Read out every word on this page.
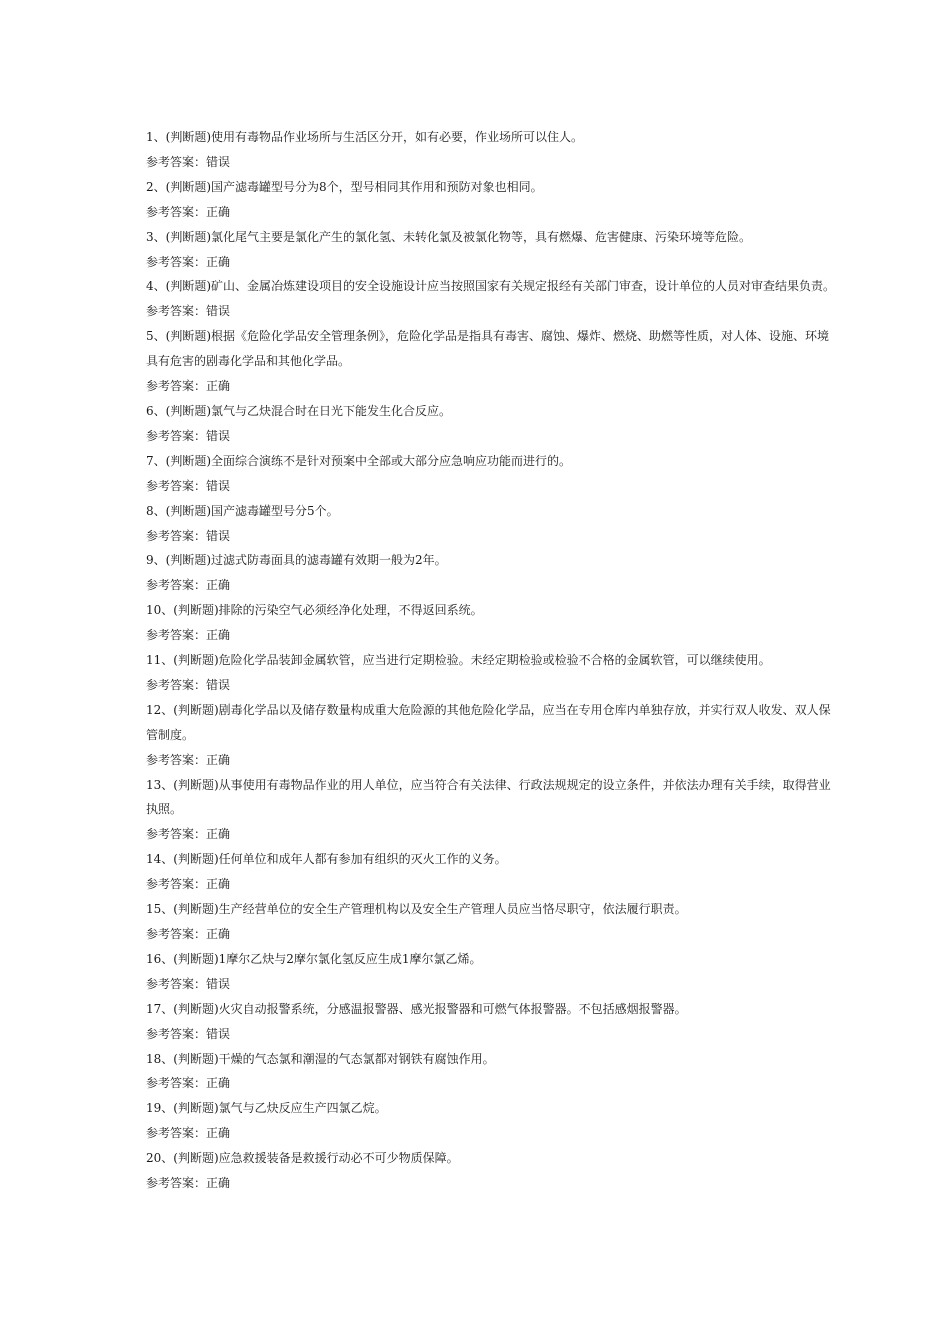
1、(判断题)使用有毒物品作业场所与生活区分开，如有必要，作业场所可以住人。

参考答案：错误

2、(判断题)国产滤毒罐型号分为8个，型号相同其作用和预防对象也相同。

参考答案：正确

3、(判断题)氯化尾气主要是氯化产生的氯化氢、未转化氯及被氯化物等，具有燃爆、危害健康、污染环境等危险。

参考答案：正确

4、(判断题)矿山、金属冶炼建设项目的安全设施设计应当按照国家有关规定报经有关部门审查，设计单位的人员对审查结果负责。

参考答案：错误

5、(判断题)根据《危险化学品安全管理条例》，危险化学品是指具有毒害、腐蚀、爆炸、燃烧、助燃等性质，对人体、设施、环境具有危害的剧毒化学品和其他化学品。

参考答案：正确

6、(判断题)氯气与乙炔混合时在日光下能发生化合反应。

参考答案：错误

7、(判断题)全面综合演练不是针对预案中全部或大部分应急响应功能而进行的。

参考答案：错误

8、(判断题)国产滤毒罐型号分5个。

参考答案：错误

9、(判断题)过滤式防毒面具的滤毒罐有效期一般为2年。

参考答案：正确

10、(判断题)排除的污染空气必须经净化处理，不得返回系统。

参考答案：正确

11、(判断题)危险化学品装卸金属软管，应当进行定期检验。未经定期检验或检验不合格的金属软管，可以继续使用。

参考答案：错误

12、(判断题)剧毒化学品以及储存数量构成重大危险源的其他危险化学品，应当在专用仓库内单独存放，并实行双人收发、双人保管制度。

参考答案：正确

13、(判断题)从事使用有毒物品作业的用人单位，应当符合有关法律、行政法规规定的设立条件，并依法办理有关手续，取得营业执照。

参考答案：正确

14、(判断题)任何单位和成年人都有参加有组织的灭火工作的义务。

参考答案：正确

15、(判断题)生产经营单位的安全生产管理机构以及安全生产管理人员应当恪尽职守，依法履行职责。

参考答案：正确

16、(判断题)1摩尔乙炔与2摩尔氯化氢反应生成1摩尔氯乙烯。

参考答案：错误

17、(判断题)火灾自动报警系统，分感温报警器、感光报警器和可燃气体报警器。不包括感烟报警器。

参考答案：错误

18、(判断题)干燥的气态氯和潮湿的气态氯都对钢铁有腐蚀作用。

参考答案：正确

19、(判断题)氯气与乙炔反应生产四氯乙烷。

参考答案：正确

20、(判断题)应急救援装备是救援行动必不可少物质保障。

参考答案：正确
